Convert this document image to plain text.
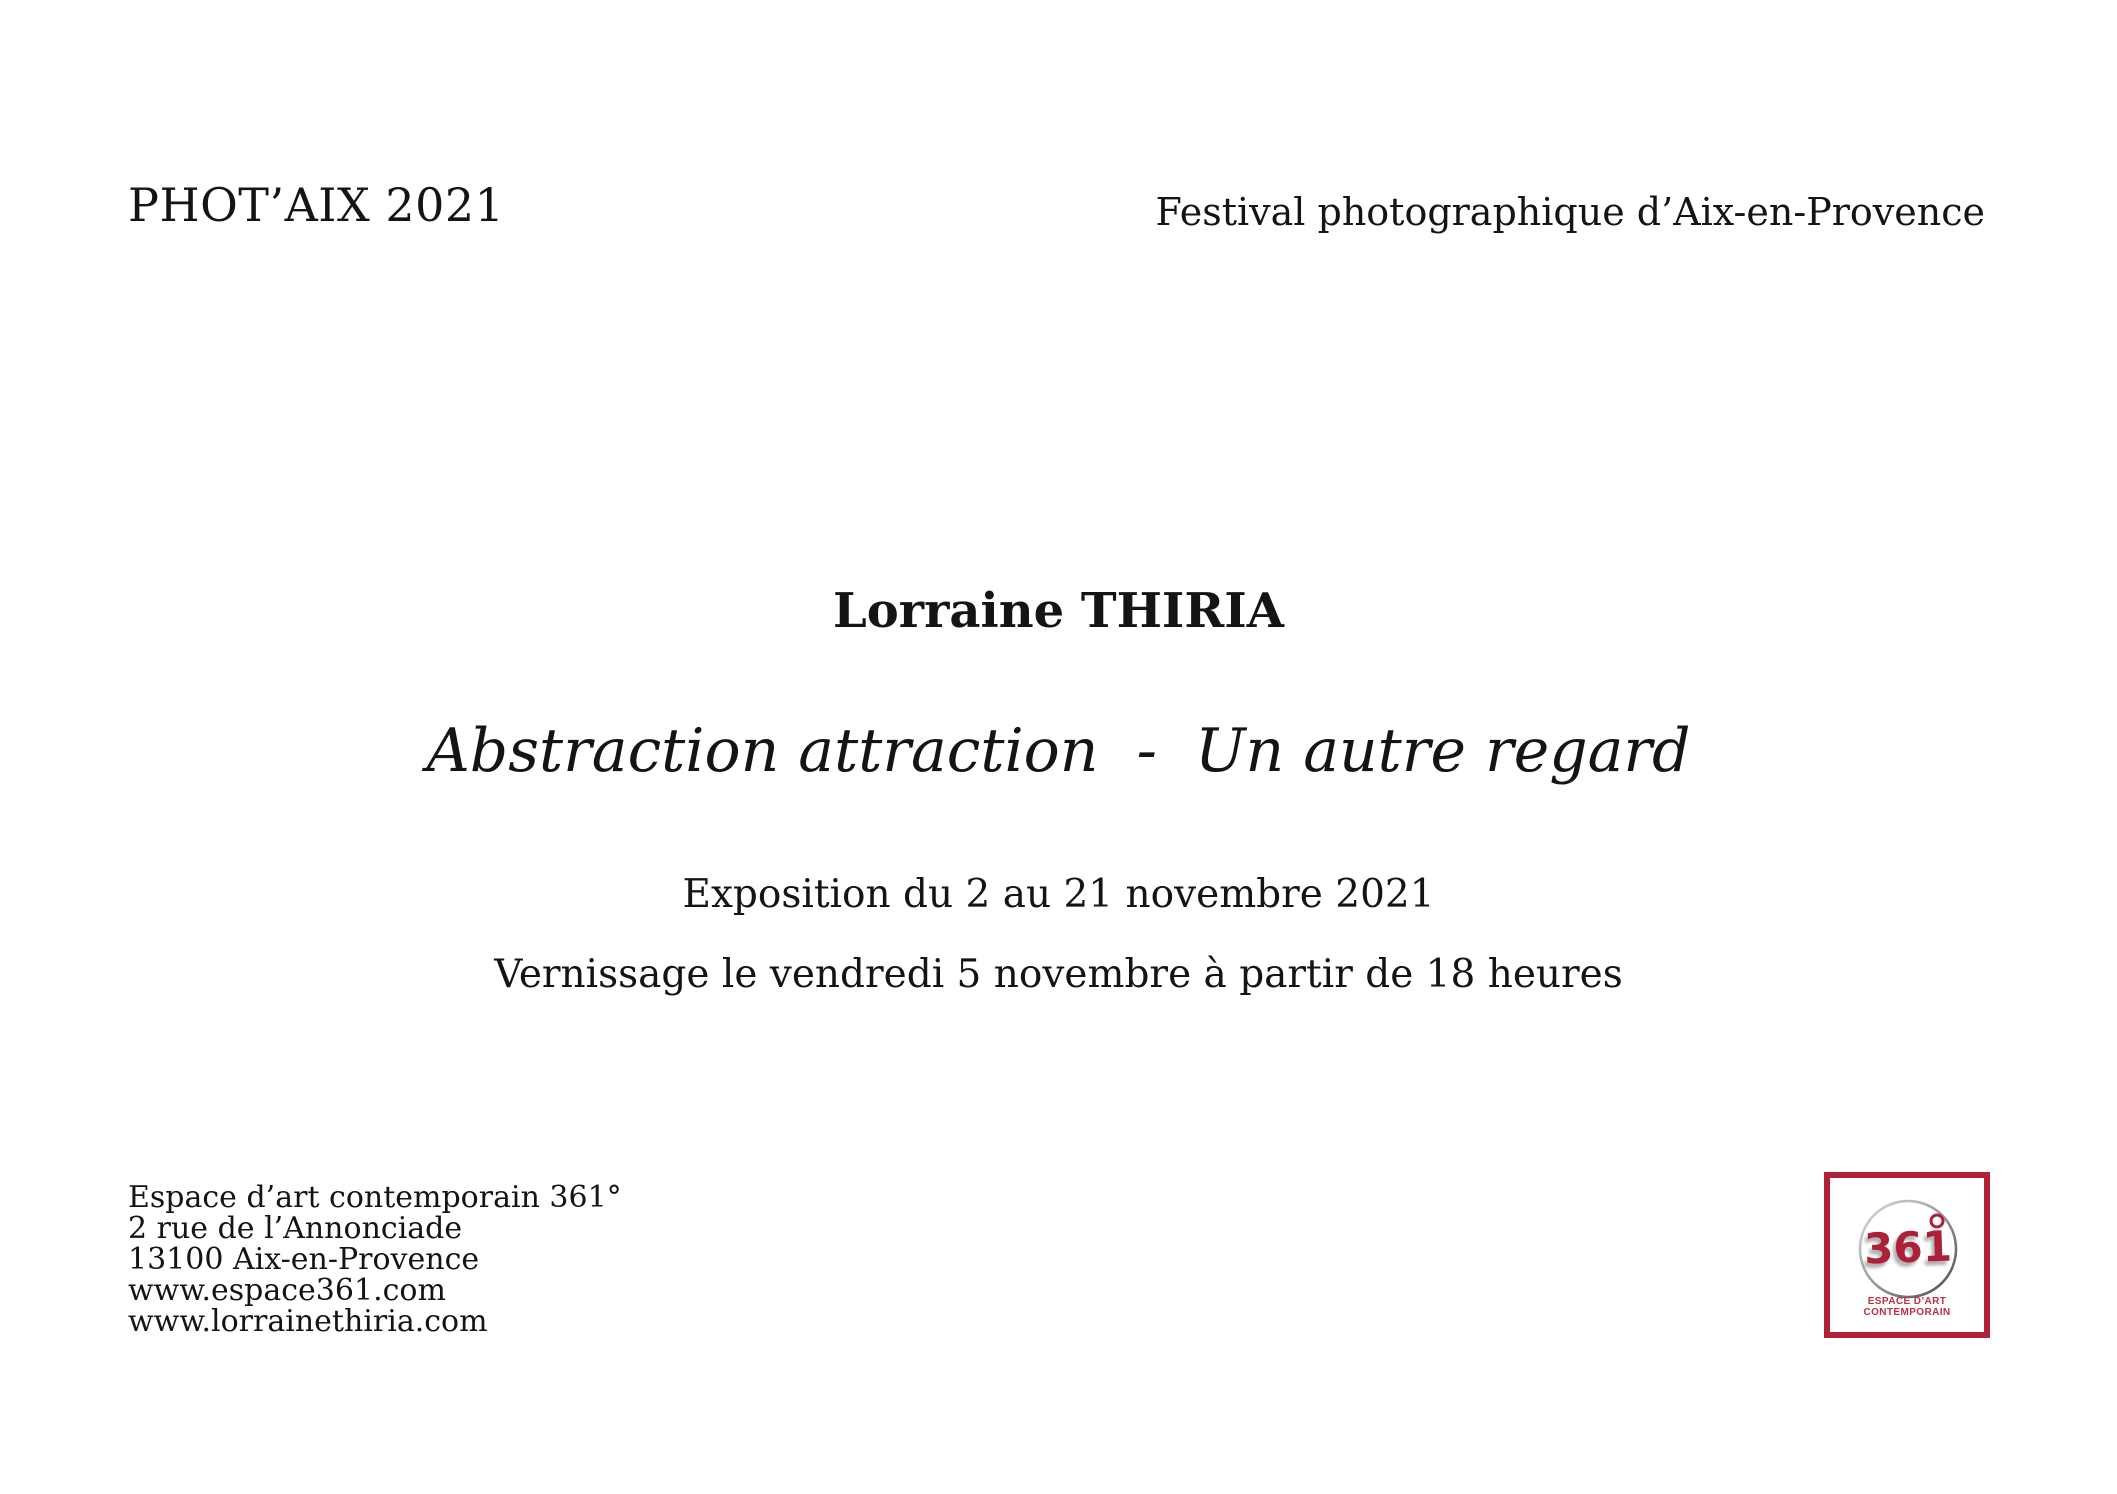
PHOT’AIX 2021	Festival photographique d’Aix-en-Provence
Lorraine THIRIA
Abstraction attraction  -  Un autre regard
Exposition du 2 au 21 novembre 2021
Vernissage le vendredi 5 novembre à partir de 18 heures
Espace d’art contemporain 361°
2 rue de l’Annonciade
13100 Aix-en-Provence
www.espace361.com
www.lorrainethiria.com
361
ESPACE D’ART CONTEMPORAIN
